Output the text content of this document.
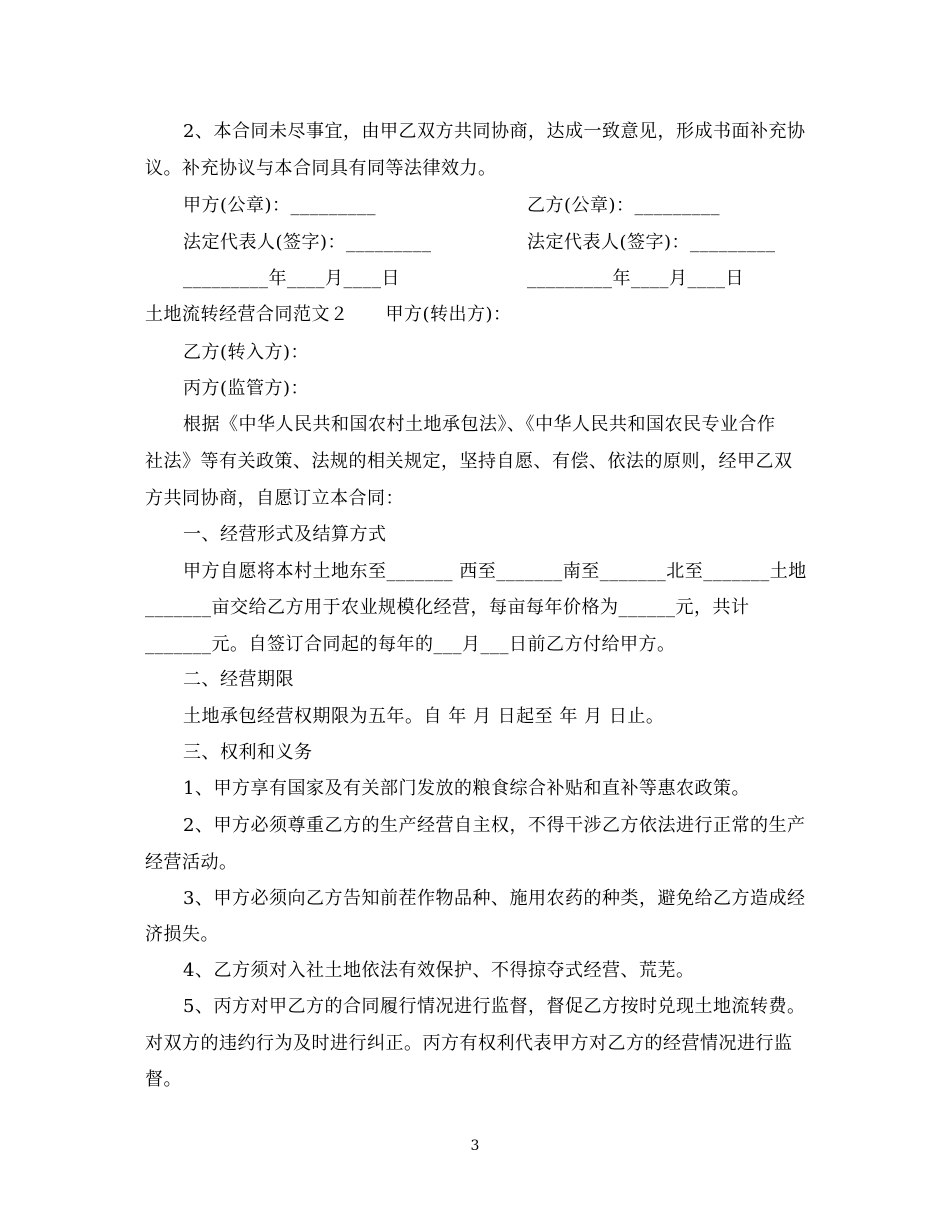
2、本合同未尽事宜，由甲乙双方共同协商，达成一致意见，形成书面补充协
议。补充协议与本合同具有同等法律效力。
甲方(公章)：_________	乙方(公章)：_________
法定代表人(签字)：_________	法定代表人(签字)：_________
_________年____月____日	_________年____月____日
土地流转经营合同范文２　　甲方(转出方)：
乙方(转入方)：
丙方(监管方)：
根据《中华人民共和国农村土地承包法》、《中华人民共和国农民专业合作
社法》等有关政策、法规的相关规定，坚持自愿、有偿、依法的原则，经甲乙双
方共同协商，自愿订立本合同：
一、经营形式及结算方式
甲方自愿将本村土地东至_______ 西至_______南至_______北至_______土地
_______亩交给乙方用于农业规模化经营，每亩每年价格为______元，共计
_______元。自签订合同起的每年的___月___日前乙方付给甲方。
二、经营期限
土地承包经营权期限为五年。自 年 月 日起至 年 月 日止。
三、权利和义务
1、甲方享有国家及有关部门发放的粮食综合补贴和直补等惠农政策。
2、甲方必须尊重乙方的生产经营自主权，不得干涉乙方依法进行正常的生产
经营活动。
3、甲方必须向乙方告知前茬作物品种、施用农药的种类，避免给乙方造成经
济损失。
4、乙方须对入社土地依法有效保护、不得掠夺式经营、荒芜。
5、丙方对甲乙方的合同履行情况进行监督，督促乙方按时兑现土地流转费。
对双方的违约行为及时进行纠正。丙方有权利代表甲方对乙方的经营情况进行监
督。
3
